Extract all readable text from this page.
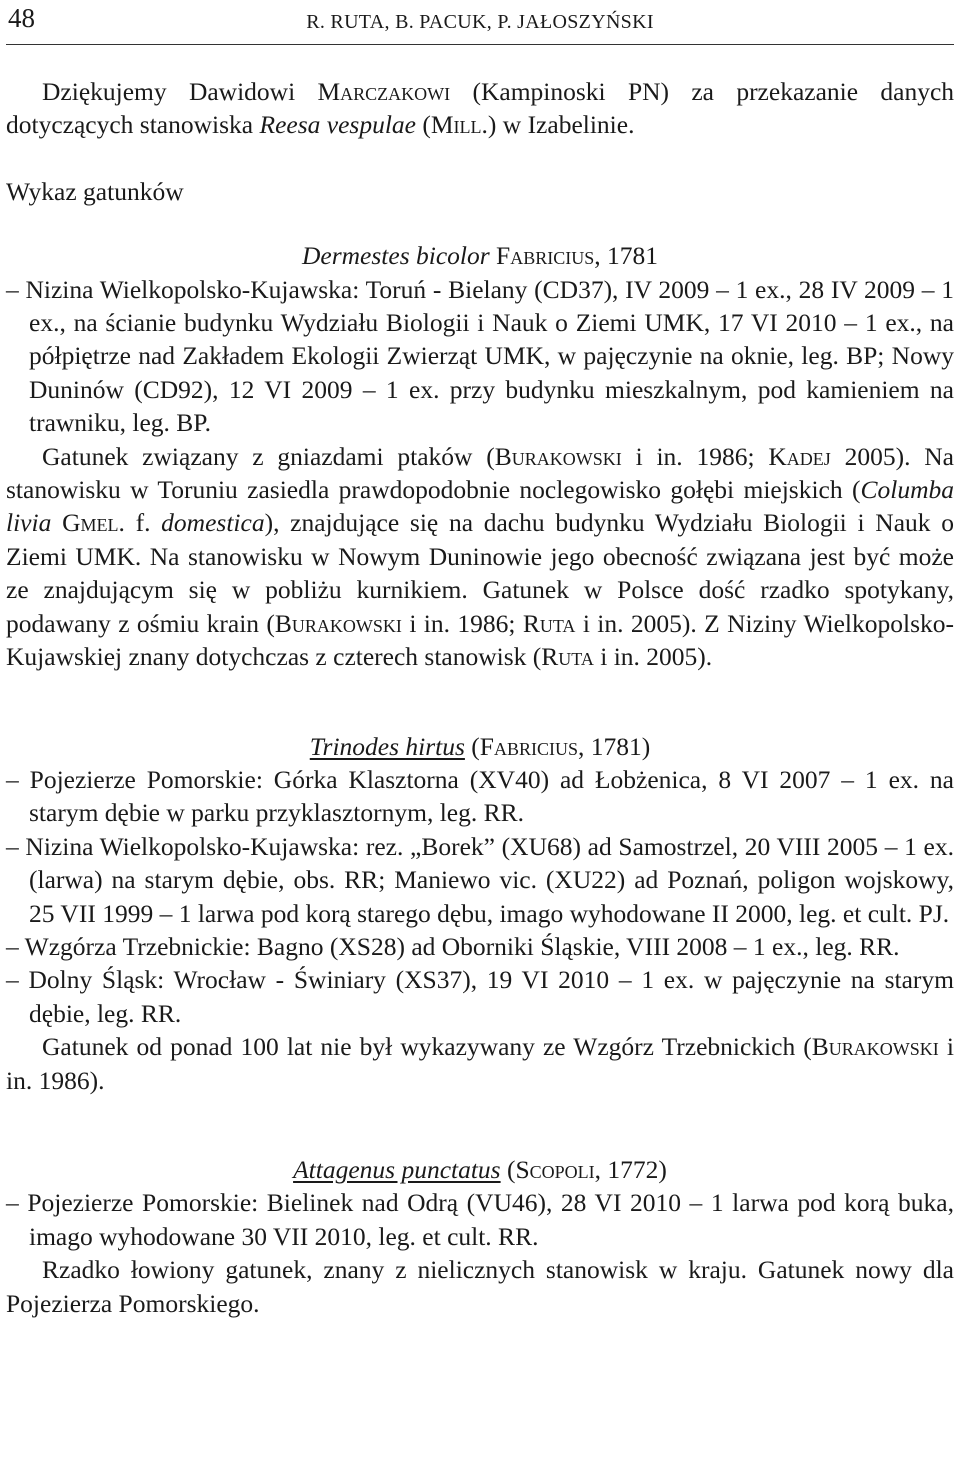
48	R. RUTA, B. PACUK, P. JAŁOSZYŃSKI

Dziękujemy Dawidowi Marczakowi (Kampinoski PN) za przekazanie danych dotyczących stanowiska Reesa vespulae (Mill.) w Izabelinie.

Wykaz gatunków

Dermestes bicolor Fabricius, 1781

– Nizina Wielkopolsko-Kujawska: Toruń - Bielany (CD37), IV 2009 – 1 ex., 28 IV 2009 – 1 ex., na ścianie budynku Wydziału Biologii i Nauk o Ziemi UMK, 17 VI 2010 – 1 ex., na półpiętrze nad Zakładem Ekologii Zwierząt UMK, w pajęczynie na oknie, leg. BP; Nowy Duninów (CD92), 12 VI 2009 – 1 ex. przy budynku mieszkalnym, pod kamieniem na trawniku, leg. BP.

Gatunek związany z gniazdami ptaków (Burakowski i in. 1986; Kadej 2005). Na stanowisku w Toruniu zasiedla prawdopodobnie noclegowisko gołębi miejskich (Columba livia Gmel. f. domestica), znajdujące się na dachu budynku Wydziału Biologii i Nauk o Ziemi UMK. Na stanowisku w Nowym Duninowie jego obecność związana jest być może ze znajdującym się w pobliżu kurnikiem. Gatunek w Polsce dość rzadko spotykany, podawany z ośmiu krain (Burakowski i in. 1986; Ruta i in. 2005). Z Niziny Wielkopolsko-Kujawskiej znany dotychczas z czterech stanowisk (Ruta i in. 2005).

Trinodes hirtus (Fabricius, 1781)

– Pojezierze Pomorskie: Górka Klasztorna (XV40) ad Łobżenica, 8 VI 2007 – 1 ex. na starym dębie w parku przyklasztornym, leg. RR.

– Nizina Wielkopolsko-Kujawska: rez. „Borek” (XU68) ad Samostrzel, 20 VIII 2005 – 1 ex. (larwa) na starym dębie, obs. RR; Maniewo vic. (XU22) ad Poznań, poligon wojskowy, 25 VII 1999 – 1 larwa pod korą starego dębu, imago wyhodowane II 2000, leg. et cult. PJ.

– Wzgórza Trzebnickie: Bagno (XS28) ad Oborniki Śląskie, VIII 2008 – 1 ex., leg. RR.

– Dolny Śląsk: Wrocław - Świniary (XS37), 19 VI 2010 – 1 ex. w pajęczynie na starym dębie, leg. RR.

Gatunek od ponad 100 lat nie był wykazywany ze Wzgórz Trzebnickich (Burakowski i in. 1986).

Attagenus punctatus (Scopoli, 1772)

– Pojezierze Pomorskie: Bielinek nad Odrą (VU46), 28 VI 2010 – 1 larwa pod korą buka, imago wyhodowane 30 VII 2010, leg. et cult. RR.

Rzadko łowiony gatunek, znany z nielicznych stanowisk w kraju. Gatunek nowy dla Pojezierza Pomorskiego.
